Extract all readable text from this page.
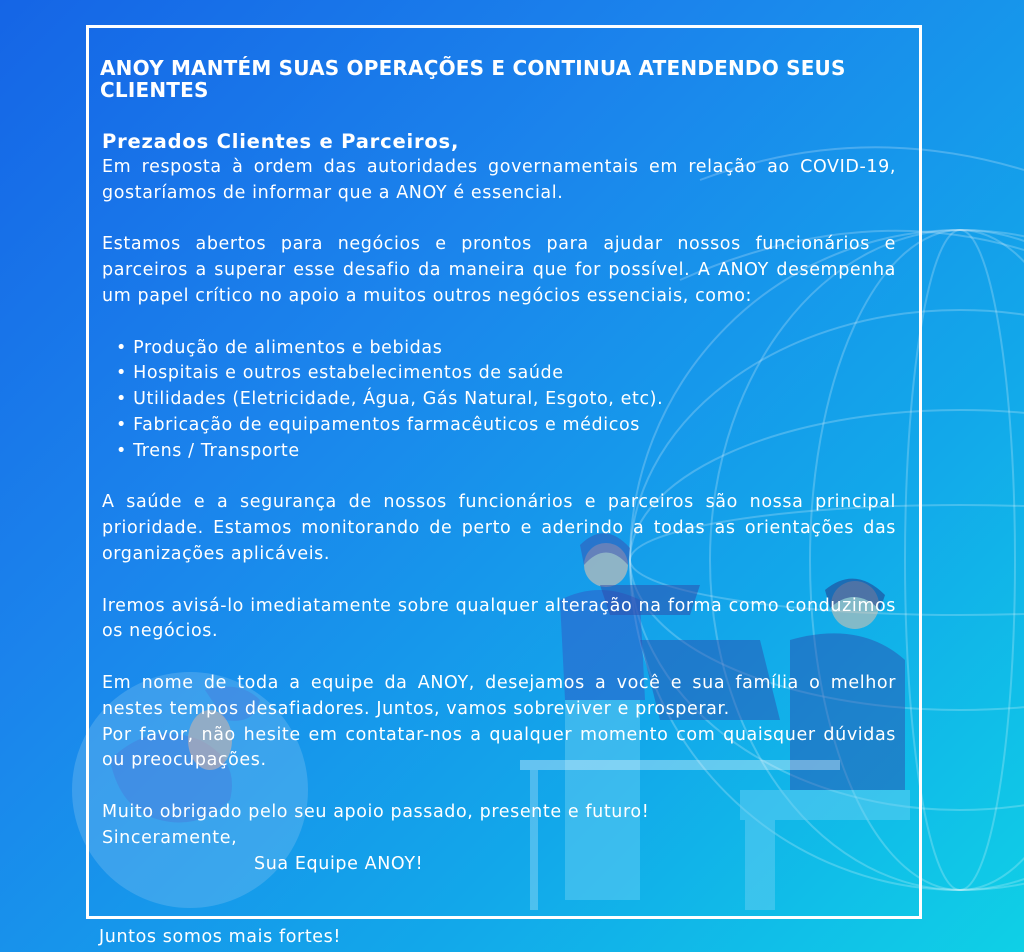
ANOY MANTÉM SUAS OPERAÇÕES E CONTINUA ATENDENDO SEUS CLIENTES

Prezados Clientes e Parceiros,

Em resposta à ordem das autoridades governamentais em relação ao COVID-19, gostaríamos de informar que a ANOY é essencial.

Estamos abertos para negócios e prontos para ajudar nossos funcionários e parceiros a superar esse desafio da maneira que for possível. A ANOY desempenha um papel crítico no apoio a muitos outros negócios essenciais, como:

• Produção de alimentos e bebidas
• Hospitais e outros estabelecimentos de saúde
• Utilidades (Eletricidade, Água, Gás Natural, Esgoto, etc).
• Fabricação de equipamentos farmacêuticos e médicos
• Trens / Transporte

A saúde e a segurança de nossos funcionários e parceiros são nossa principal prioridade. Estamos monitorando de perto e aderindo a todas as orientações das organizações aplicáveis.

Iremos avisá-lo imediatamente sobre qualquer alteração na forma como conduzimos os negócios.

Em nome de toda a equipe da ANOY, desejamos a você e sua família o melhor nestes tempos desafiadores. Juntos, vamos sobreviver e prosperar.

Por favor, não hesite em contatar-nos a qualquer momento com quaisquer dúvidas ou preocupações.

Muito obrigado pelo seu apoio passado, presente e futuro!

Sinceramente,

Sua Equipe ANOY!

Juntos somos mais fortes!
